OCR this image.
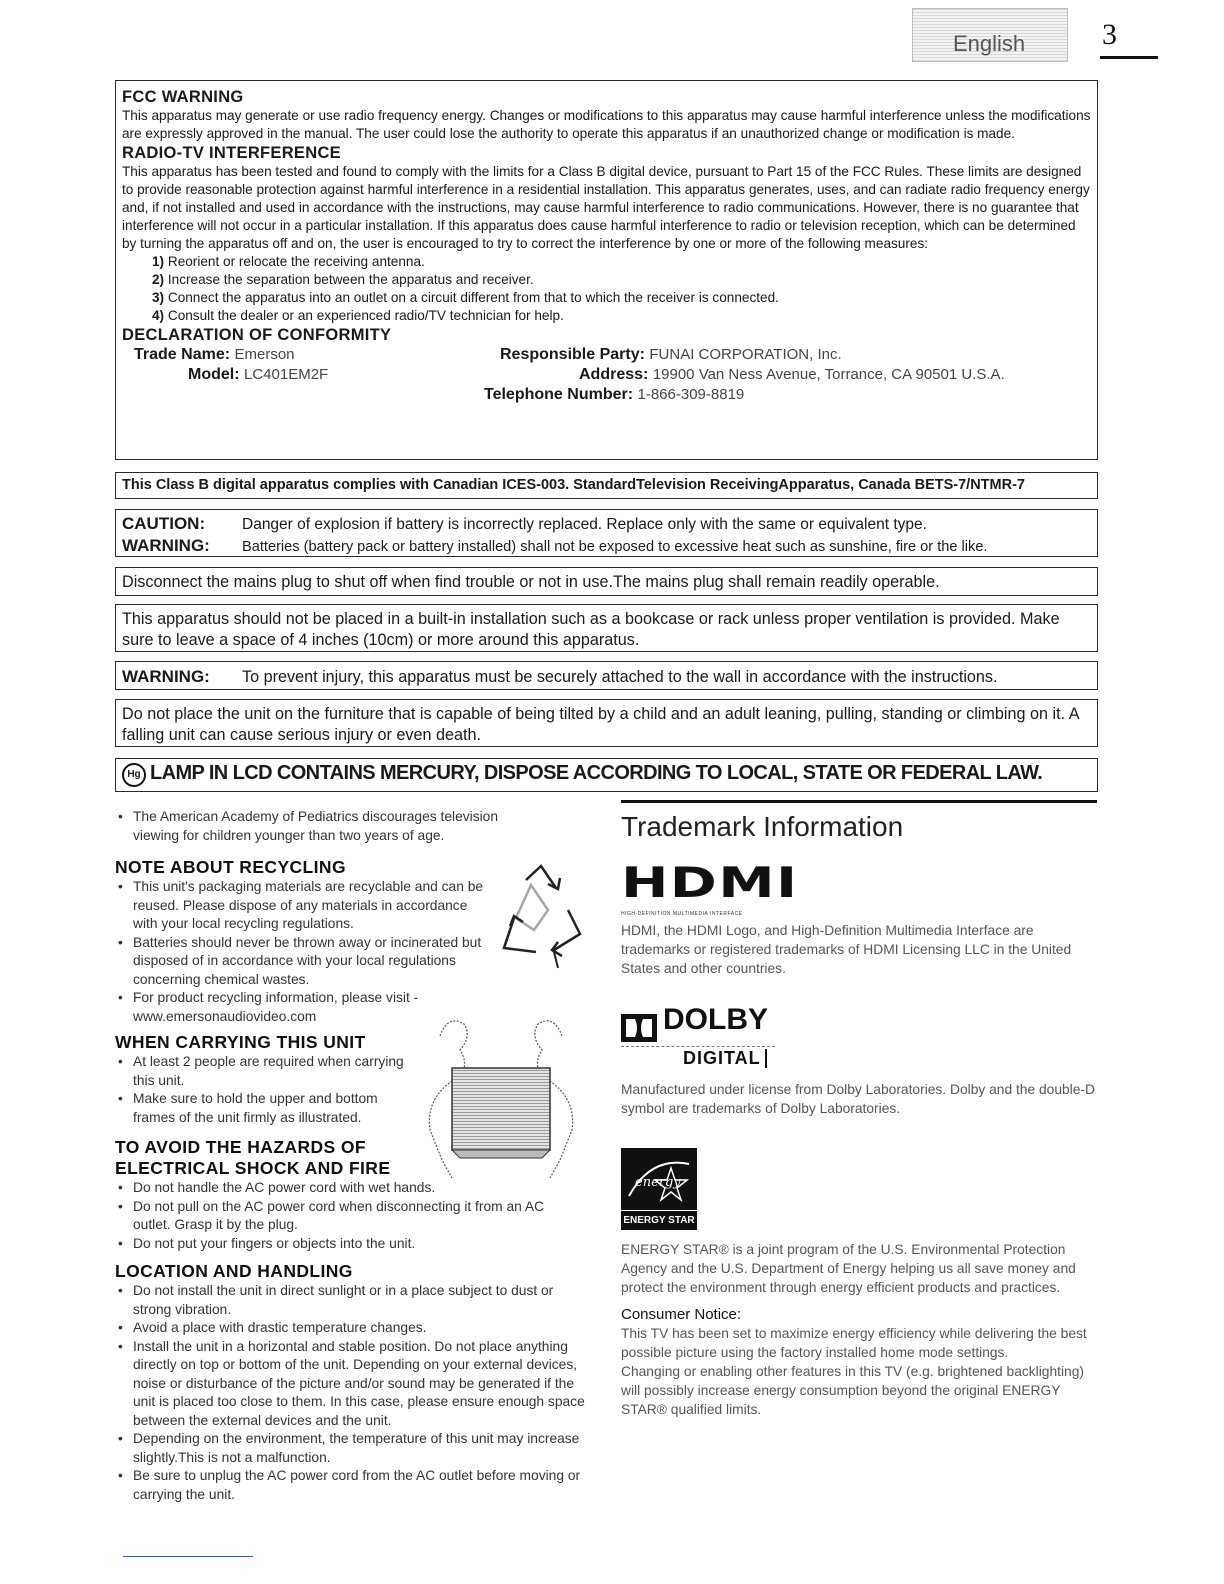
English	3
FCC WARNING

This apparatus may generate or use radio frequency energy. Changes or modifications to this apparatus may cause harmful interference unless the modifications are expressly approved in the manual. The user could lose the authority to operate this apparatus if an unauthorized change or modification is made.

RADIO-TV INTERFERENCE

This apparatus has been tested and found to comply with the limits for a Class B digital device, pursuant to Part 15 of the FCC Rules. These limits are designed to provide reasonable protection against harmful interference in a residential installation. This apparatus generates, uses, and can radiate radio frequency energy and, if not installed and used in accordance with the instructions, may cause harmful interference to radio communications. However, there is no guarantee that interference will not occur in a particular installation. If this apparatus does cause harmful interference to radio or television reception, which can be determined by turning the apparatus off and on, the user is encouraged to try to correct the interference by one or more of the following measures:

1) Reorient or relocate the receiving antenna.
2) Increase the separation between the apparatus and receiver.
3) Connect the apparatus into an outlet on a circuit different from that to which the receiver is connected.
4) Consult the dealer or an experienced radio/TV technician for help.
DECLARATION OF CONFORMITY
Trade Name: Emerson
Model: LC401EM2F
Responsible Party: FUNAI CORPORATION, Inc.
Address: 19900 Van Ness Avenue, Torrance, CA 90501 U.S.A.
Telephone Number: 1-866-309-8819
This Class B digital apparatus complies with Canadian ICES-003. StandardTelevision ReceivingApparatus, Canada BETS-7/NTMR-7
CAUTION: Danger of explosion if battery is incorrectly replaced. Replace only with the same or equivalent type.
WARNING: Batteries (battery pack or battery installed) shall not be exposed to excessive heat such as sunshine, fire or the like.
Disconnect the mains plug to shut off when find trouble or not in use.The mains plug shall remain readily operable.
This apparatus should not be placed in a built-in installation such as a bookcase or rack unless proper ventilation is provided. Make sure to leave a space of 4 inches (10cm) or more around this apparatus.
WARNING: To prevent injury, this apparatus must be securely attached to the wall in accordance with the instructions.
Do not place the unit on the furniture that is capable of being tilted by a child and an adult leaning, pulling, standing or climbing on it. A falling unit can cause serious injury or even death.
Hg LAMP IN LCD CONTAINS MERCURY, DISPOSE ACCORDING TO LOCAL, STATE OR FEDERAL LAW.
• The American Academy of Pediatrics discourages television viewing for children younger than two years of age.
NOTE ABOUT RECYCLING
• This unit's packaging materials are recyclable and can be reused. Please dispose of any materials in accordance with your local recycling regulations.
• Batteries should never be thrown away or incinerated but disposed of in accordance with your local regulations concerning chemical wastes.
• For product recycling information, please visit - www.emersonaudiovideo.com
WHEN CARRYING THIS UNIT
• At least 2 people are required when carrying this unit.
• Make sure to hold the upper and bottom frames of the unit firmly as illustrated.
TO AVOID THE HAZARDS OF
ELECTRICAL SHOCK AND FIRE
• Do not handle the AC power cord with wet hands.
• Do not pull on the AC power cord when disconnecting it from an AC outlet. Grasp it by the plug.
• Do not put your fingers or objects into the unit.
LOCATION AND HANDLING
• Do not install the unit in direct sunlight or in a place subject to dust or strong vibration.
• Avoid a place with drastic temperature changes.
• Install the unit in a horizontal and stable position. Do not place anything directly on top or bottom of the unit. Depending on your external devices, noise or disturbance of the picture and/or sound may be generated if the unit is placed too close to them. In this case, please ensure enough space between the external devices and the unit.
• Depending on the environment, the temperature of this unit may increase slightly.This is not a malfunction.
• Be sure to unplug the AC power cord from the AC outlet before moving or carrying the unit.
Trademark Information
HDMI
HIGH-DEFINITION MULTIMEDIA INTERFACE
HDMI, the HDMI Logo, and High-Definition Multimedia Interface are trademarks or registered trademarks of HDMI Licensing LLC in the United States and other countries.
DOLBY
DIGITAL
Manufactured under license from Dolby Laboratories. Dolby and the double-D symbol are trademarks of Dolby Laboratories.
energy
ENERGY STAR
ENERGY STAR® is a joint program of the U.S. Environmental Protection Agency and the U.S. Department of Energy helping us all save money and protect the environment through energy efficient products and practices.
Consumer Notice:
This TV has been set to maximize energy efficiency while delivering the best possible picture using the factory installed home mode settings.
Changing or enabling other features in this TV (e.g. brightened backlighting) will possibly increase energy consumption beyond the original ENERGY STAR® qualified limits.
